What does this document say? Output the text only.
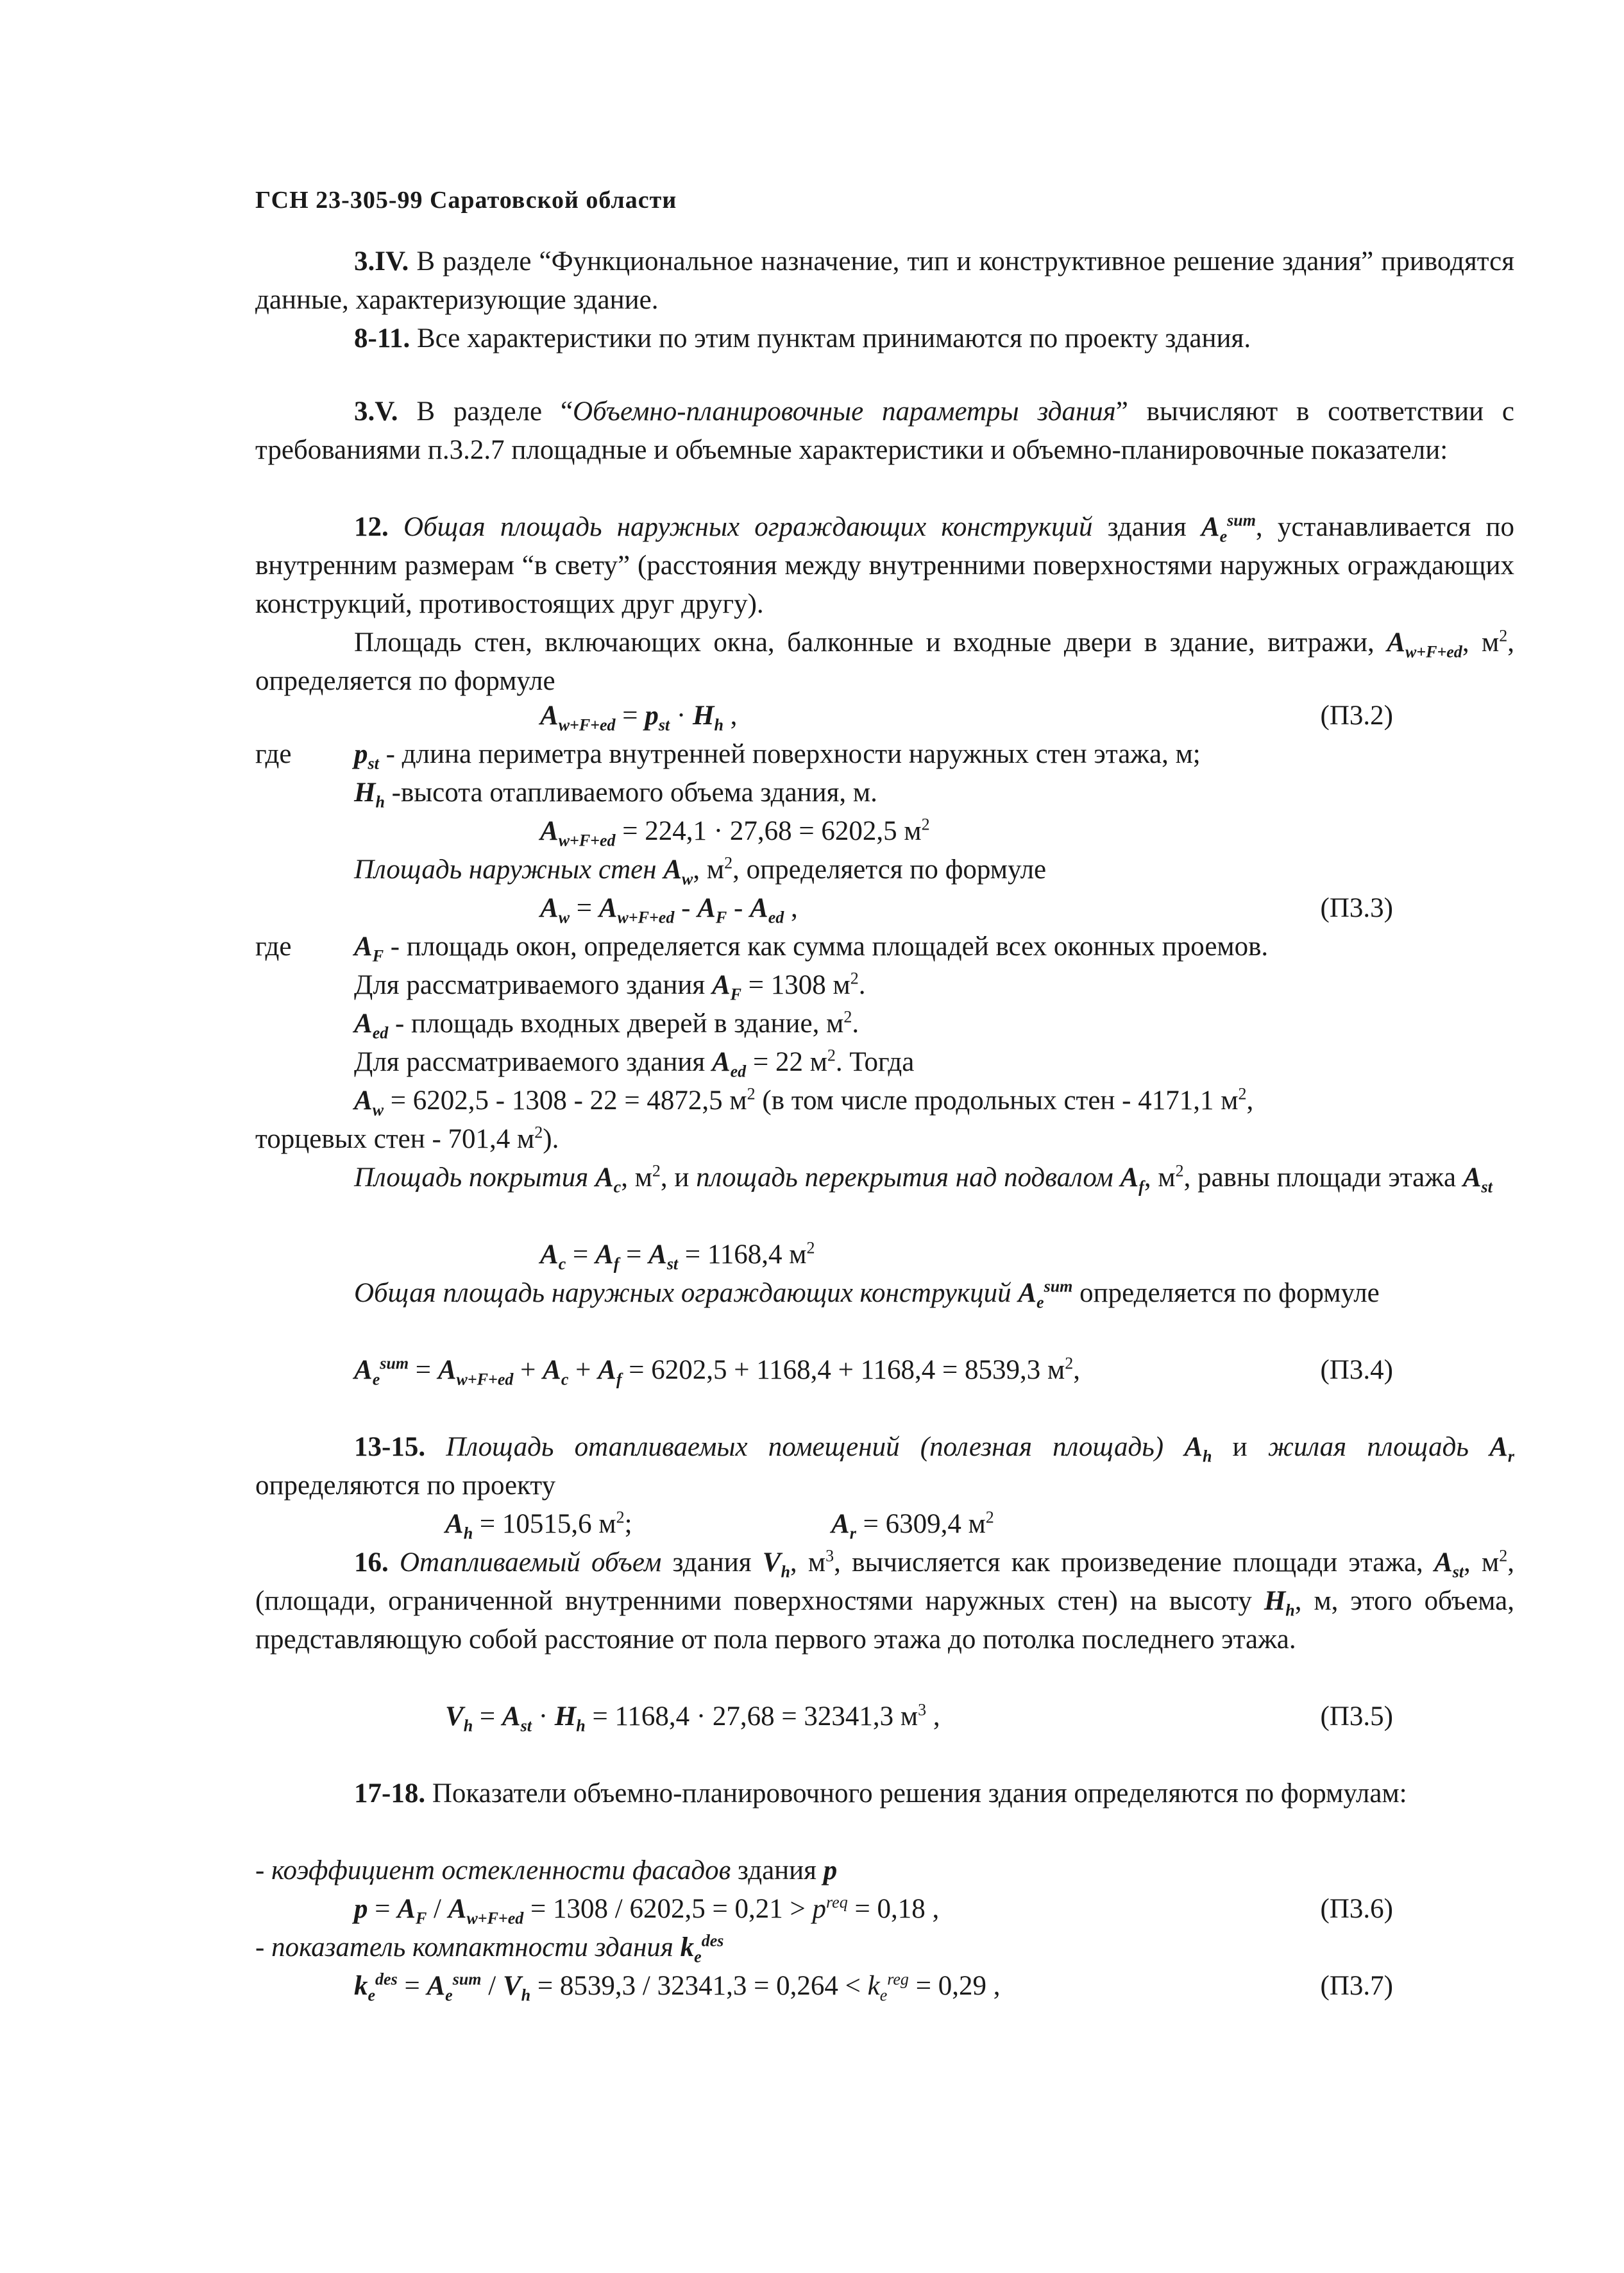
ГСН 23-305-99 Саратовской области
3.IV. В разделе “Функциональное назначение, тип и конструктивное решение здания” приводятся данные, характеризующие здание.
8-11. Все характеристики по этим пунктам принимаются по проекту здания.
3.V. В разделе “Объемно-планировочные параметры здания” вычисляют в соответствии с требованиями п.3.2.7 площадные и объемные характеристики и объемно-планировочные показатели:
12. Общая площадь наружных ограждающих конструкций здания $A_e^{sum}$, устанавливается по внутренним размерам “в свету” (расстояния между внутренними поверхностями наружных ограждающих конструкций, противостоящих друг другу).
Площадь стен, включающих окна, балконные и входные двери в здание, витражи, $A_{w+F+ed}$, $м^2$, определяется по формуле
$A_{w+F+ed} = p_{st} \cdot H_h$ ,	(П3.2)
где $p_{st}$ - длина периметра внутренней поверхности наружных стен этажа, м;
$H_h$ -высота отапливаемого объема здания, м.
$A_{w+F+ed} = 224,1 \cdot 27,68 = 6202,5$ $м^2$
Площадь наружных стен $A_w$, $м^2$, определяется по формуле
$A_w = A_{w+F+ed} - A_F - A_{ed}$ ,	(П3.3)
где $A_F$ - площадь окон, определяется как сумма площадей всех оконных проемов.
Для рассматриваемого здания $A_F = 1308$ $м^2$.
$A_{ed}$ - площадь входных дверей в здание, $м^2$.
Для рассматриваемого здания $A_{ed} = 22$ $м^2$. Тогда
$A_w = 6202,5 - 1308 - 22 = 4872,5$ $м^2$ (в том числе продольных стен - 4171,1 $м^2$,
торцевых стен - 701,4 $м^2$).
Площадь покрытия $A_c$, $м^2$, и площадь перекрытия над подвалом $A_f$, $м^2$, равны площади этажа $A_{st}$
$A_c = A_f = A_{st} = 1168,4$ $м^2$
Общая площадь наружных ограждающих конструкций $A_e^{sum}$ определяется по формуле
$A_e^{sum} = A_{w+F+ed} + A_c + A_f = 6202,5 + 1168,4 + 1168,4 = 8539,3$ $м^2$,	(П3.4)
13-15. Площадь отапливаемых помещений (полезная площадь) $A_h$ и жилая площадь $A_r$ определяются по проекту
$A_h = 10515,6$ $м^2$;	$A_r = 6309,4$ $м^2$
16. Отапливаемый объем здания $V_h$, $м^3$, вычисляется как произведение площади этажа, $A_{st}$, $м^2$, (площади, ограниченной внутренними поверхностями наружных стен) на высоту $H_h$, м, этого объема, представляющую собой расстояние от пола первого этажа до потолка последнего этажа.
$V_h = A_{st} \cdot H_h = 1168,4 \cdot 27,68 = 32341,3$ $м^3$ ,	(П3.5)
17-18. Показатели объемно-планировочного решения здания определяются по формулам:
- коэффициент остекленности фасадов здания p
$p = A_F / A_{w+F+ed} = 1308 / 6202,5 = 0,21 > p^{req} = 0,18$ ,	(П3.6)
- показатель компактности здания $k_e^{des}$
$k_e^{des} = A_e^{sum} / V_h = 8539,3 / 32341,3 = 0,264 < k_e^{reg} = 0,29$ ,	(П3.7)
